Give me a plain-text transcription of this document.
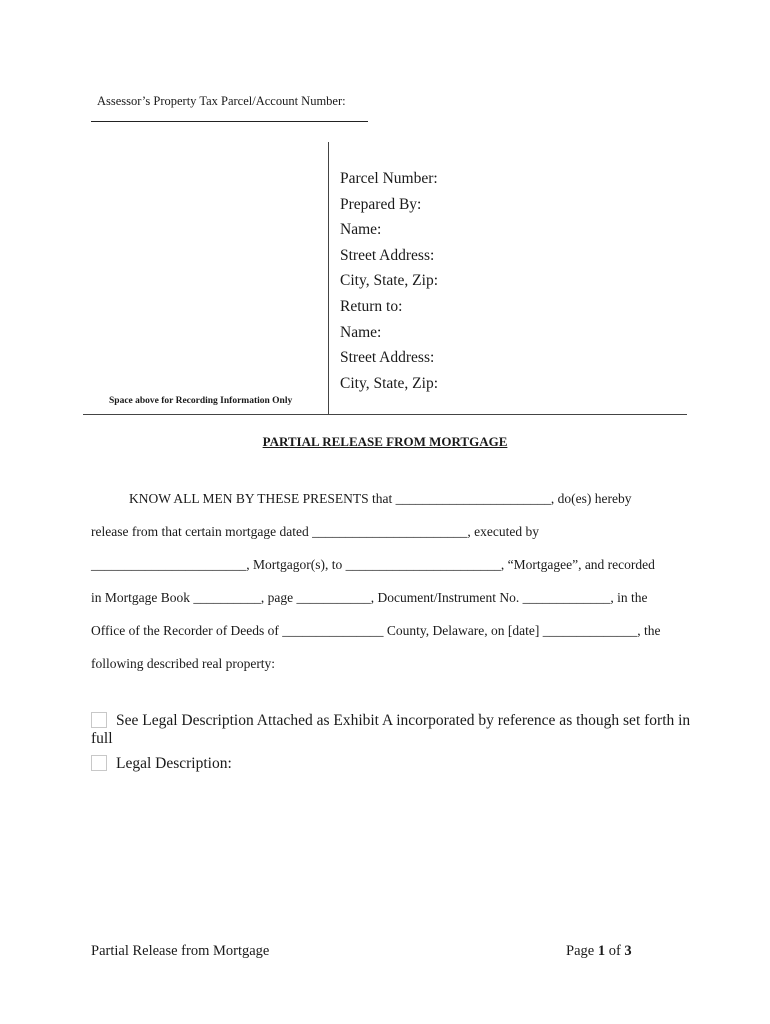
Assessor’s Property Tax Parcel/Account Number:
Space above for Recording Information Only
Parcel Number:
Prepared By:
Name:
Street Address:
City, State, Zip:
Return to:
Name:
Street Address:
City, State, Zip:
PARTIAL RELEASE FROM MORTGAGE
KNOW ALL MEN BY THESE PRESENTS that _______________________, do(es) hereby
release from that certain mortgage dated _______________________, executed by
_______________________, Mortgagor(s), to _______________________, “Mortgagee”, and recorded
in Mortgage Book __________, page ___________, Document/Instrument No. _____________, in the
Office of the Recorder of Deeds of _______________ County, Delaware, on [date] ______________, the
following described real property:
See Legal Description Attached as Exhibit A incorporated by reference as though set forth in
full
Legal Description:
Partial Release from Mortgage	Page 1 of 3
